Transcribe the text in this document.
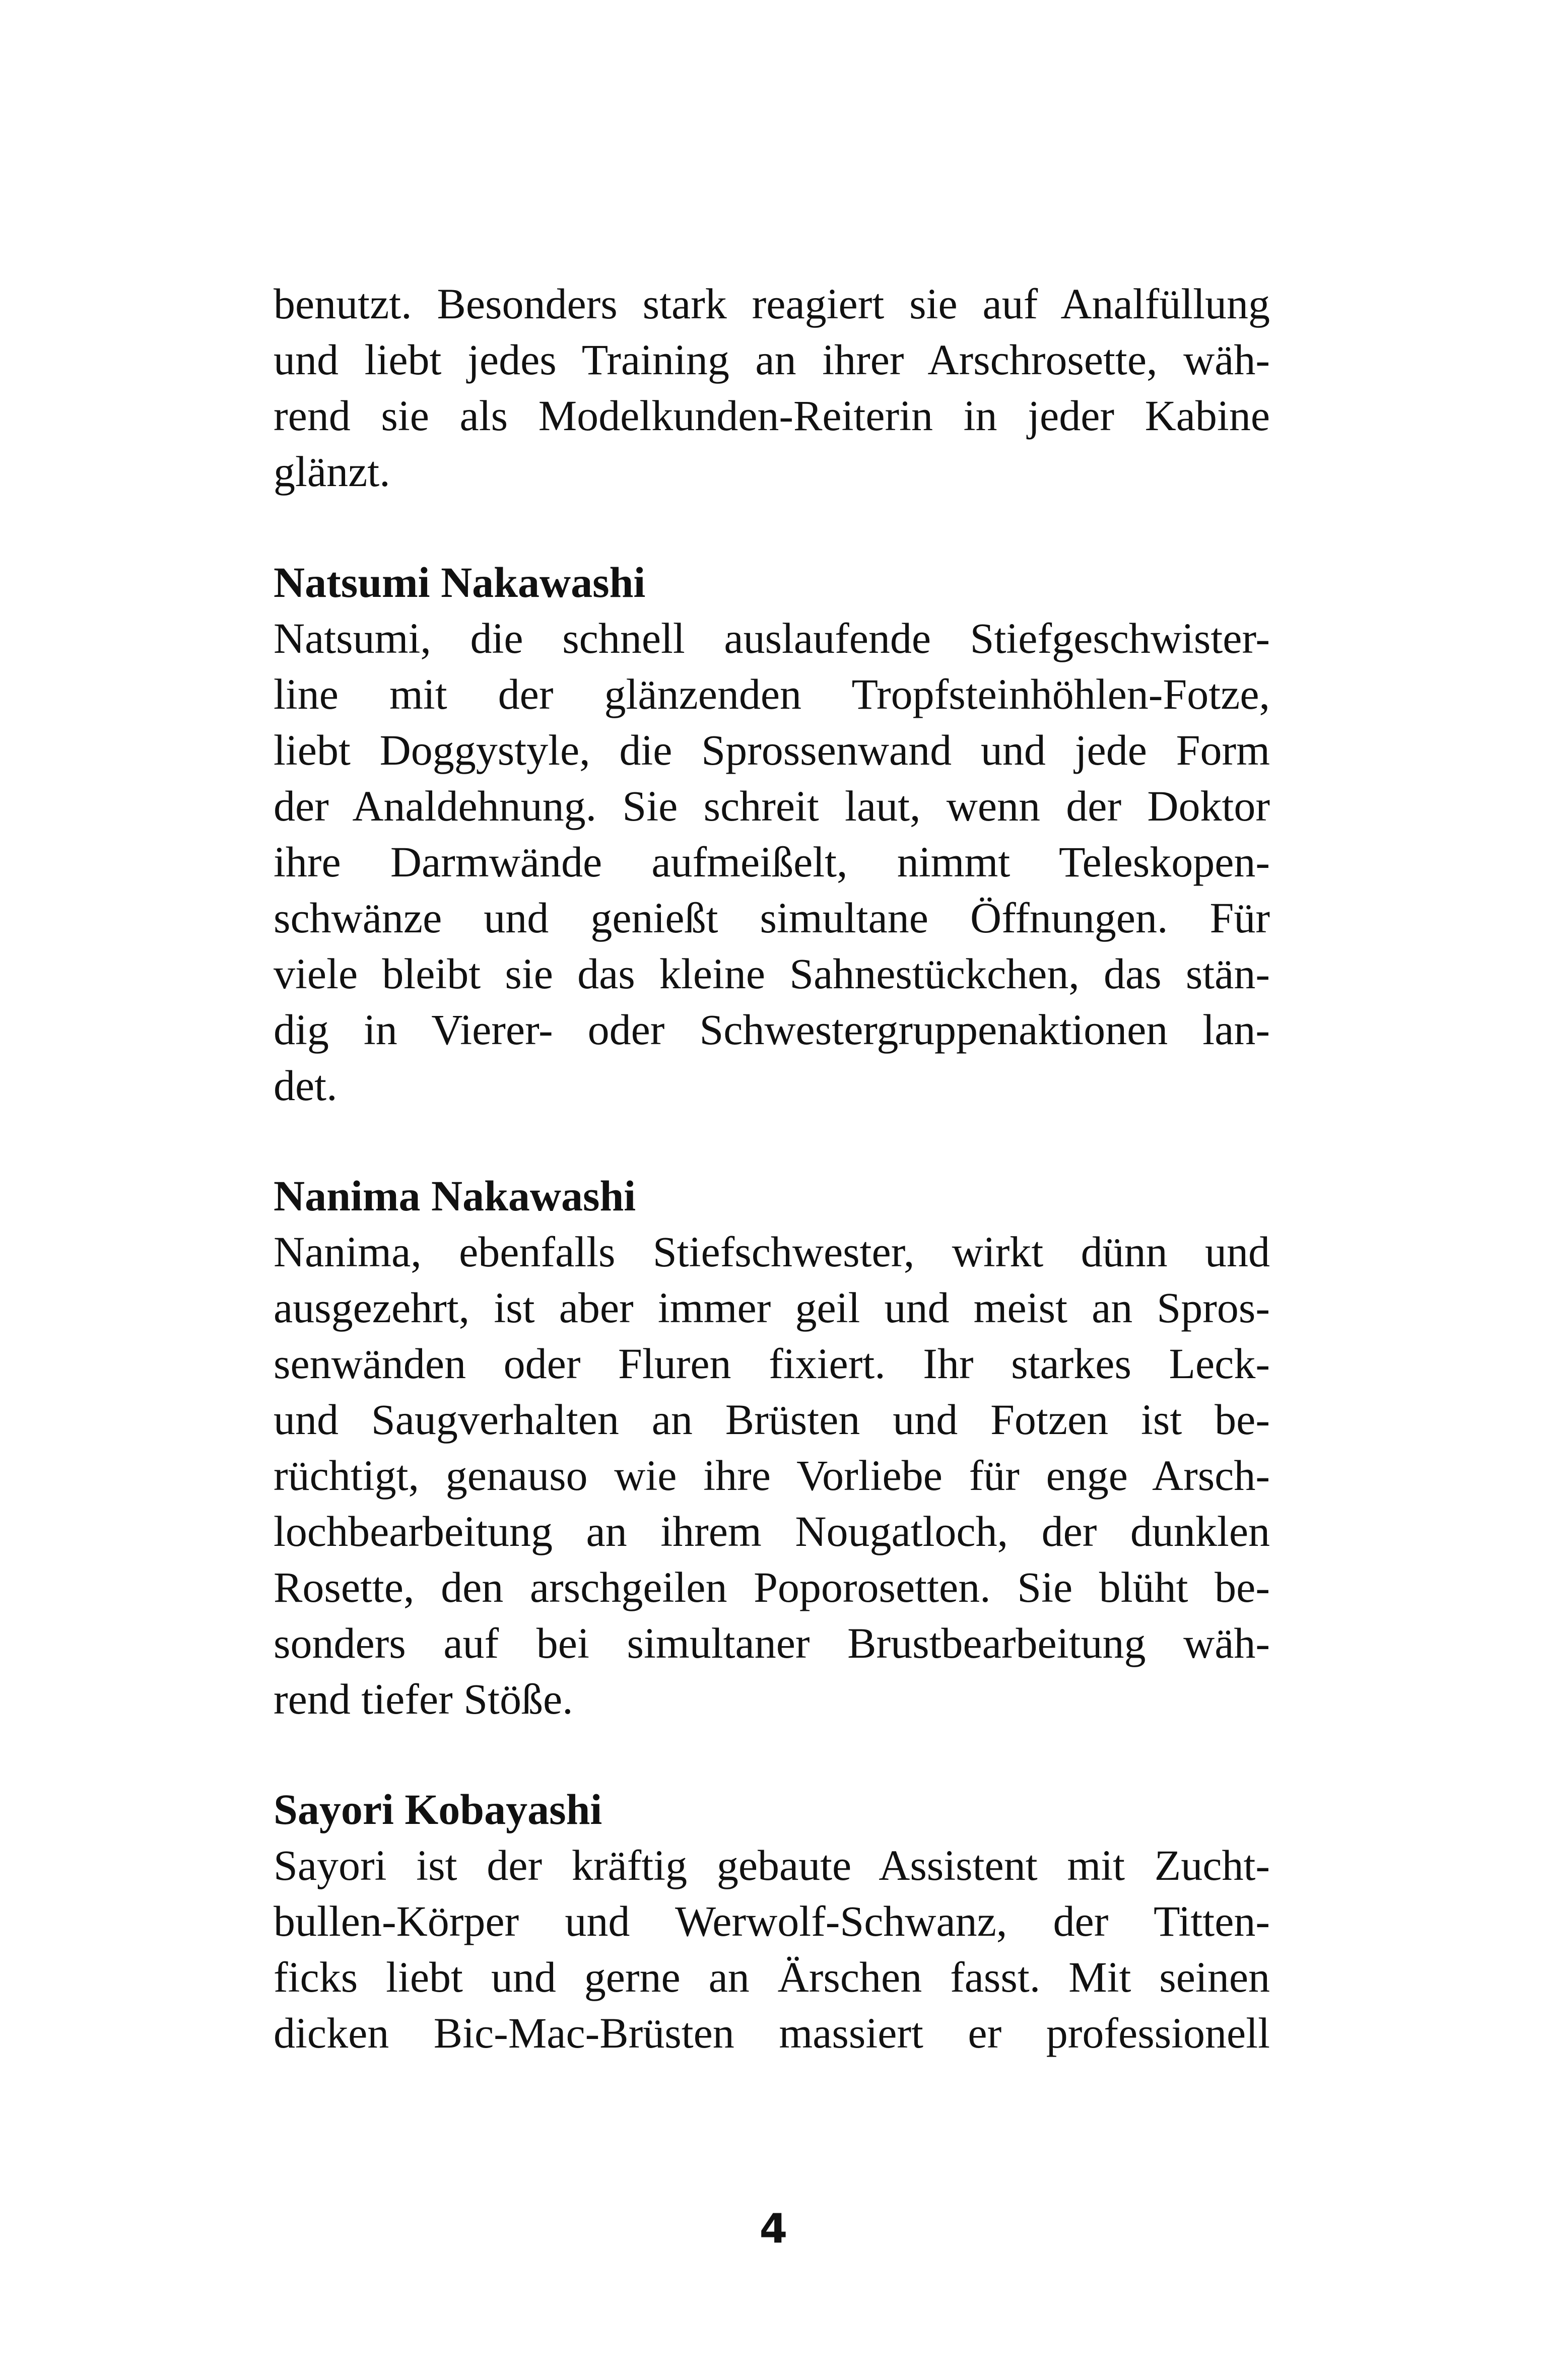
benutzt. Besonders stark reagiert sie auf Analfüllung
und liebt jedes Training an ihrer Arschrosette, wäh-
rend sie als Modelkunden-Reiterin in jeder Kabine
glänzt.
Natsumi Nakawashi
Natsumi, die schnell auslaufende Stiefgeschwister-
line mit der glänzenden Tropfsteinhöhlen-Fotze,
liebt Doggystyle, die Sprossenwand und jede Form
der Analdehnung. Sie schreit laut, wenn der Doktor
ihre Darmwände aufmeißelt, nimmt Teleskopen-
schwänze und genießt simultane Öffnungen. Für
viele bleibt sie das kleine Sahnestückchen, das stän-
dig in Vierer- oder Schwestergruppenaktionen lan-
det.
Nanima Nakawashi
Nanima, ebenfalls Stiefschwester, wirkt dünn und
ausgezehrt, ist aber immer geil und meist an Spros-
senwänden oder Fluren fixiert. Ihr starkes Leck-
und Saugverhalten an Brüsten und Fotzen ist be-
rüchtigt, genauso wie ihre Vorliebe für enge Arsch-
lochbearbeitung an ihrem Nougatloch, der dunklen
Rosette, den arschgeilen Poporosetten. Sie blüht be-
sonders auf bei simultaner Brustbearbeitung wäh-
rend tiefer Stöße.
Sayori Kobayashi
Sayori ist der kräftig gebaute Assistent mit Zucht-
bullen-Körper und Werwolf-Schwanz, der Titten-
ficks liebt und gerne an Ärschen fasst. Mit seinen
dicken Bic-Mac-Brüsten massiert er professionell
4
